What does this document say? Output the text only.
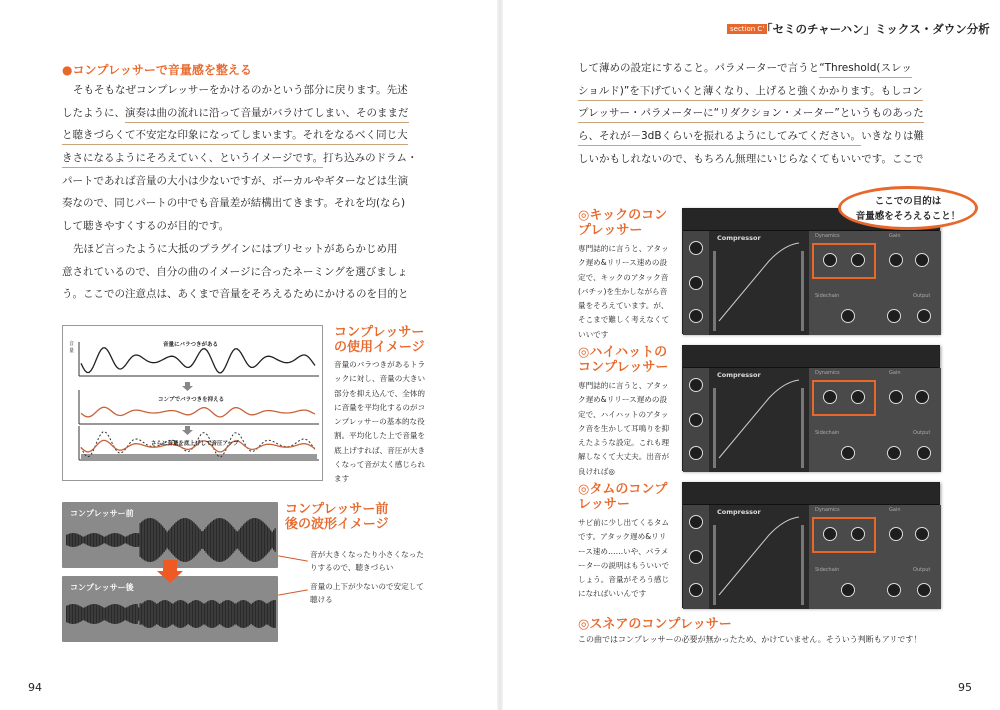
●コンプレッサーで音量感を整える
そもそもなぜコンプレッサーをかけるのかという部分に戻ります。先述
したように、演奏は曲の流れに沿って音量がバラけてしまい、そのままだ
と聴きづらくて不安定な印象になってしまいます。それをなるべく同じ大
きさになるようにそろえていく、というイメージです。打ち込みのドラム・
パートであれば音量の大小は少ないですが、ボーカルやギターなどは生演
奏なので、同じパートの中でも音量差が結構出てきます。それを均(なら)
して聴きやすくするのが目的です。
先ほど言ったように大抵のプラグインにはプリセットがあらかじめ用
意されているので、自分の曲のイメージに合ったネーミングを選びましょ
う。ここでの注意点は、あくまで音量をそろえるためにかけるのを目的と
音量にバラつきがある
コンプでバラつきを抑える
さらに音量を底上げして音圧アップ
音量を底上げ
音量
コンプレッサーの使用イメージ
音量のバラつきがあるトラックに対し、音量の大きい部分を抑え込んで、全体的に音量を平均化するのがコンプレッサーの基本的な役割。平均化した上で音量を底上げすれば、音圧が大きくなって音が太く感じられます
コンプレッサー前
コンプレッサー後
コンプレッサー前後の波形イメージ
音が大きくなったり小さくなったりするので、聴きづらい
音量の上下が少ないので安定して聴ける
94
section C'
「セミのチャーハン」ミックス・ダウン分析
して薄めの設定にすること。パラメーターで言うと“Threshold(スレッ
ショルド)”を下げていくと薄くなり、上げると強くかかります。もしコン
プレッサー・パラメーターに“リダクション・メーター”というものあった
ら、それが－3dBくらいを振れるようにしてみてください。いきなりは難
しいかもしれないので、もちろん無理にいじらなくてもいいです。ここで
◎キックのコンプレッサー
専門誌的に言うと、アタック遅め&リリース速めの設定で、キックのアタック音(バチッ)を生かしながら音量をそろえています。が、そこまで難しく考えなくていいです
◎ハイハットのコンプレッサー
専門誌的に言うと、アタック遅め&リリース遅めの設定で、ハイハットのアタック音を生かして耳鳴りを抑えたような設定。これも理解しなくて大丈夫。出音が良ければ◎
◎タムのコンプレッサー
サビ前に少し出てくるタムです。アタック遅め&リリース速め……いや、パラメーターの説明はもういいでしょう。音量がそろう感じになればいいんです
Compressor	Dynamics	Gain
Sidechain	Output
Compressor	Dynamics	Gain
Sidechain	Output
Compressor	Dynamics	Gain
Sidechain	Output
ここでの目的は
音量感をそろえること！
◎スネアのコンプレッサー
この曲ではコンプレッサーの必要が無かったため、かけていません。そういう判断もアリです！
95
